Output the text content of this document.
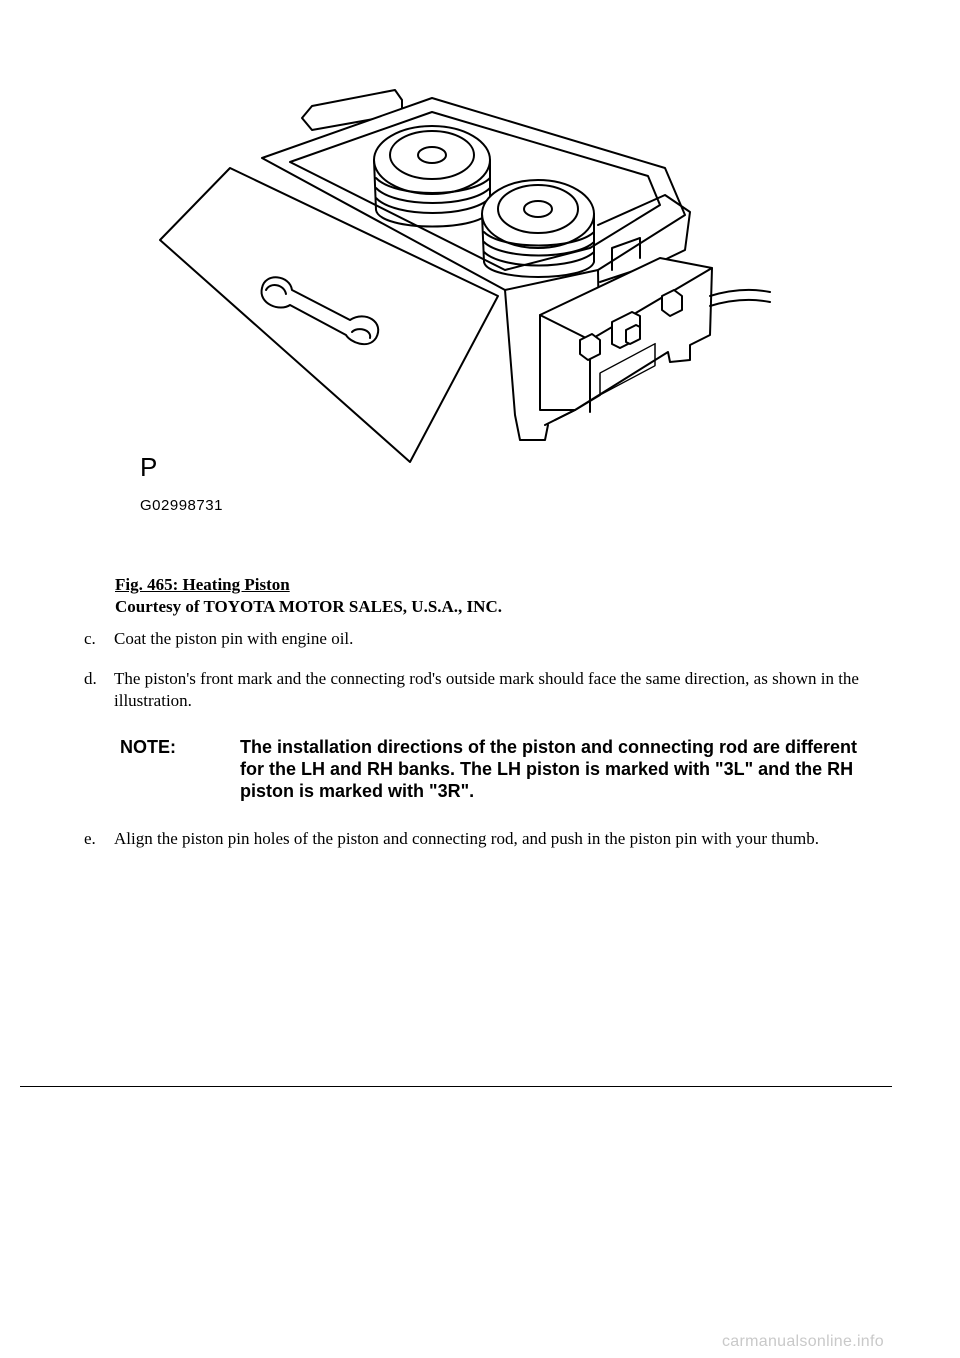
P
G02998731
Fig. 465: Heating Piston
Courtesy of TOYOTA MOTOR SALES, U.S.A., INC.
c.	Coat the piston pin with engine oil.
d.	The piston's front mark and the connecting rod's outside mark should face the same direction, as shown in the illustration.
NOTE:	The installation directions of the piston and connecting rod are different for the LH and RH banks. The LH piston is marked with "3L" and the RH piston is marked with "3R".
e.	Align the piston pin holes of the piston and connecting rod, and push in the piston pin with your thumb.
carmanualsonline.info
